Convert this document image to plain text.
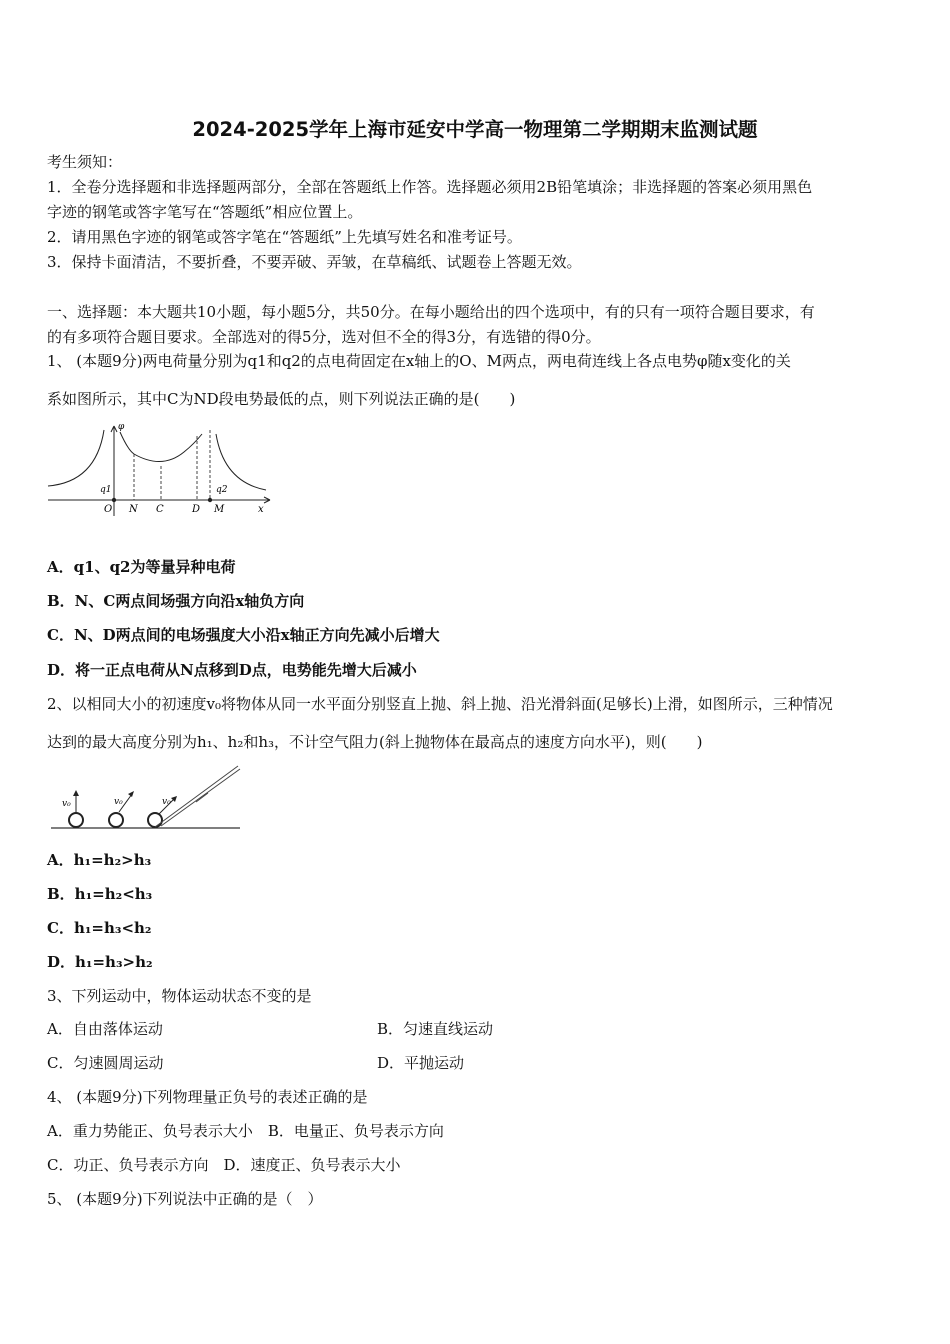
2024-2025学年上海市延安中学高一物理第二学期期末监测试题
考生须知：
1．全卷分选择题和非选择题两部分，全部在答题纸上作答。选择题必须用2B铅笔填涂；非选择题的答案必须用黑色
字迹的钢笔或答字笔写在“答题纸”相应位置上。
2．请用黑色字迹的钢笔或答字笔在“答题纸”上先填写姓名和准考证号。
3．保持卡面清洁，不要折叠，不要弄破、弄皱，在草稿纸、试题卷上答题无效。
一、选择题：本大题共10小题，每小题5分，共50分。在每小题给出的四个选项中，有的只有一项符合题目要求，有
的有多项符合题目要求。全部选对的得5分，选对但不全的得3分，有选错的得0分。
1、 (本题9分)两电荷量分别为q1和q2的点电荷固定在x轴上的O、M两点，两电荷连线上各点电势φ随x变化的关
系如图所示，其中C为ND段电势最低的点，则下列说法正确的是(　　)
φ
q1	q2
O N C	D M	x
A．q1、q2为等量异种电荷
B．N、C两点间场强方向沿x轴负方向
C．N、D两点间的电场强度大小沿x轴正方向先减小后增大
D．将一正点电荷从N点移到D点，电势能先增大后减小
2、以相同大小的初速度v₀将物体从同一水平面分别竖直上抛、斜上抛、沿光滑斜面(足够长)上滑，如图所示，三种情况
达到的最大高度分别为h₁、h₂和h₃，不计空气阻力(斜上抛物体在最高点的速度方向水平)，则(　　)
v₀	v₀	v₀
A．h₁=h₂>h₃
B．h₁=h₂<h₃
C．h₁=h₃<h₂
D．h₁=h₃>h₂
3、下列运动中，物体运动状态不变的是
A．自由落体运动	B．匀速直线运动
C．匀速圆周运动	D．平抛运动
4、 (本题9分)下列物理量正负号的表述正确的是
A．重力势能正、负号表示大小　B．电量正、负号表示方向
C．功正、负号表示方向　D．速度正、负号表示大小
5、 (本题9分)下列说法中正确的是（　）
